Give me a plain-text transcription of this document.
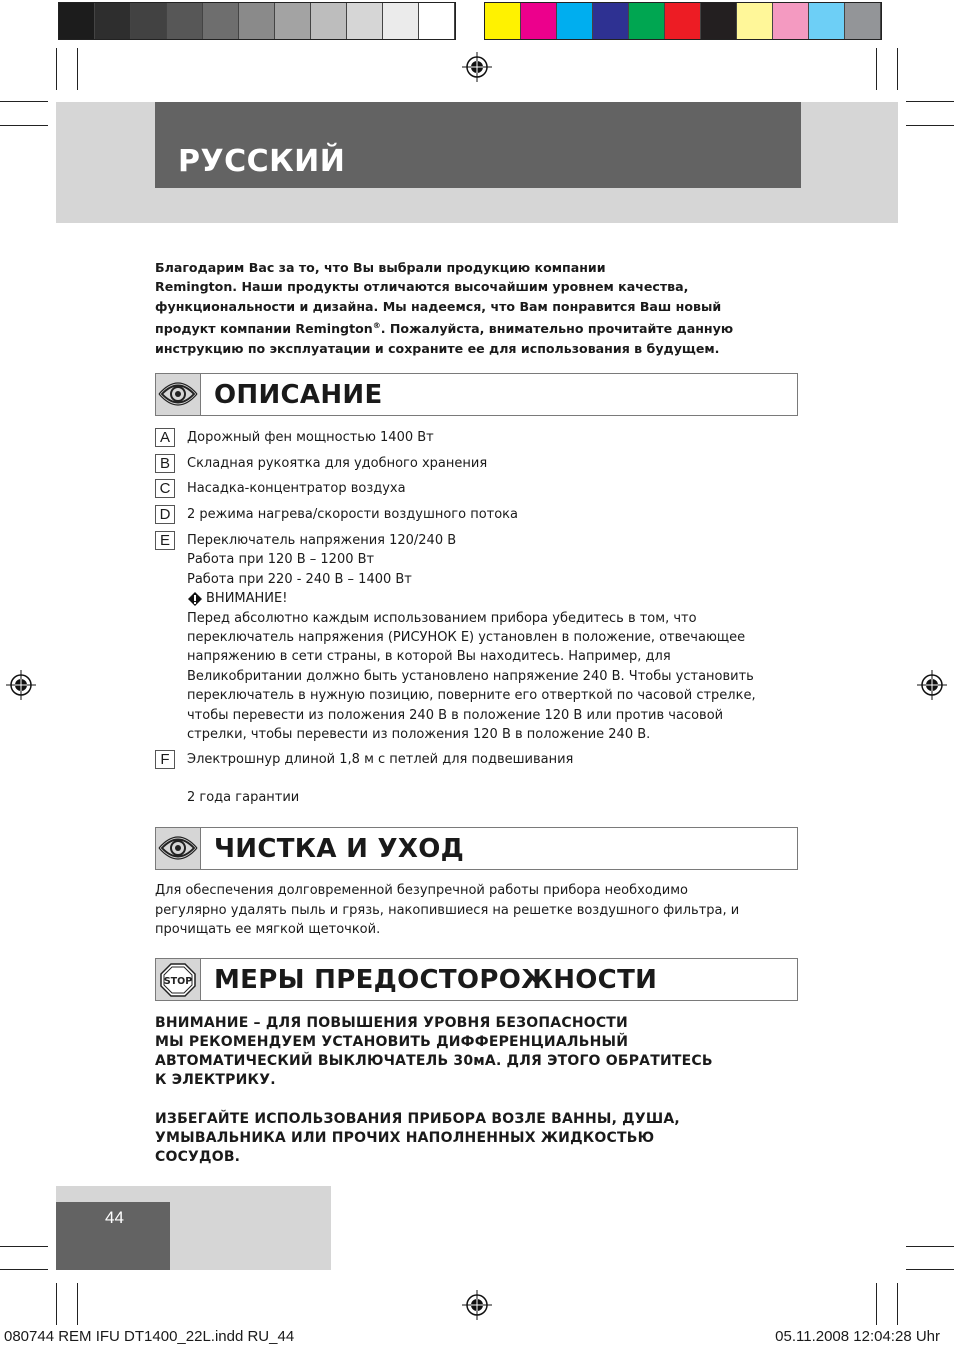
РУССКИЙ
Благодарим Вас за то, что Вы выбрали продукцию компании
Remington. Наши продукты отличаются высочайшим уровнем качества,
функциональности и дизайна. Мы надеемся, что Вам понравится Ваш новый
продукт компании Remington®. Пожалуйста, внимательно прочитайте данную
инструкцию по эксплуатации и сохраните ее для использования в будущем.
ОПИСАНИЕ
A	Дорожный фен мощностью 1400 Вт
B	Складная рукоятка для удобного хранения
C	Насадка-концентратор воздуха
D	2 режима нагрева/скорости воздушного потока
E	Переключатель напряжения 120/240 В
Работа при 120 В – 1200 Вт
Работа при 220 - 240 В – 1400 Вт
ВНИМАНИЕ!
Перед абсолютно каждым использованием прибора убедитесь в том, что
переключатель напряжения (РИСУНОК E) установлен в положение, отвечающее
напряжению в сети страны, в которой Вы находитесь. Например, для
Великобритании должно быть установлено напряжение 240 В. Чтобы установить
переключатель в нужную позицию, поверните его отверткой по часовой стрелке,
чтобы перевести из положения 240 В в положение 120 В или против часовой
стрелки, чтобы перевести из положения 120 В в положение 240 В.
F	Электрошнур длиной 1,8 м с петлей для подвешивания
2 года гарантии
ЧИСТКА И УХОД
Для обеспечения долговременной безупречной работы прибора необходимо
регулярно удалять пыль и грязь, накопившиеся на решетке воздушного фильтра, и
прочищать ее мягкой щеточкой.
STOP МЕРЫ ПРЕДОСТОРОЖНОСТИ
ВНИМАНИЕ – ДЛЯ ПОВЫШЕНИЯ УРОВНЯ БЕЗОПАСНОСТИ
МЫ РЕКОМЕНДУЕМ УСТАНОВИТЬ ДИФФЕРЕНЦИАЛЬНЫЙ
АВТОМАТИЧЕСКИЙ ВЫКЛЮЧАТЕЛЬ 30мА. ДЛЯ ЭТОГО ОБРАТИТЕСЬ
К ЭЛЕКТРИКУ.
ИЗБЕГАЙТЕ ИСПОЛЬЗОВАНИЯ ПРИБОРА ВОЗЛЕ ВАННЫ, ДУША,
УМЫВАЛЬНИКА ИЛИ ПРОЧИХ НАПОЛНЕННЫХ ЖИДКОСТЬЮ
СОСУДОВ.
44
080744 REM IFU DT1400_22L.indd RU_44	05.11.2008 12:04:28 Uhr
